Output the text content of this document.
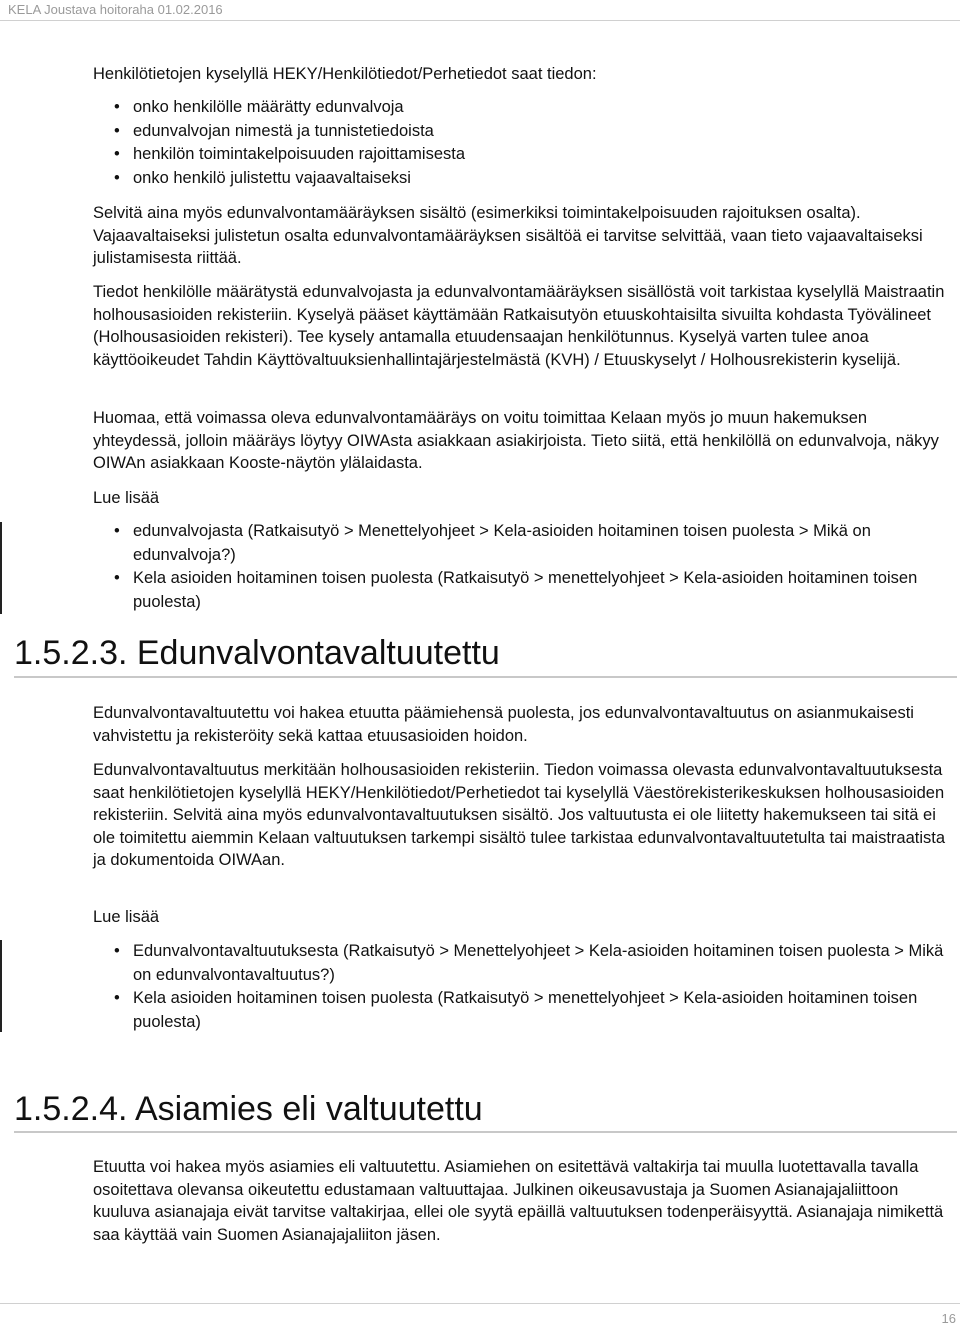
KELA Joustava hoitoraha 01.02.2016

Henkilötietojen kyselyllä HEKY/Henkilötiedot/Perhetiedot saat tiedon:

• onko henkilölle määrätty edunvalvoja
• edunvalvojan nimestä ja tunnistetiedoista
• henkilön toimintakelpoisuuden rajoittamisesta
• onko henkilö julistettu vajaavaltaiseksi

Selvitä aina myös edunvalvontamääräyksen sisältö (esimerkiksi toimintakelpoisuuden rajoituksen osalta). Vajaavaltaiseksi julistetun osalta edunvalvontamääräyksen sisältöä ei tarvitse selvittää, vaan tieto vajaavaltaiseksi julistamisesta riittää.

Tiedot henkilölle määrätystä edunvalvojasta ja edunvalvontamääräyksen sisällöstä voit tarkistaa kyselyllä Maistraatin holhousasioiden rekisteriin. Kyselyä pääset käyttämään Ratkaisutyön etuuskohtaisilta sivuilta kohdasta Työvälineet (Holhousasioiden rekisteri). Tee kysely antamalla etuudensaajan henkilötunnus. Kyselyä varten tulee anoa käyttöoikeudet Tahdin Käyttövaltuuksienhallintajärjestelmästä (KVH) / Etuuskyselyt / Holhousrekisterin kyselijä.

Huomaa, että voimassa oleva edunvalvontamääräys on voitu toimittaa Kelaan myös jo muun hakemuksen yhteydessä, jolloin määräys löytyy OIWAsta asiakkaan asiakirjoista. Tieto siitä, että henkilöllä on edunvalvoja, näkyy OIWAn asiakkaan Kooste-näytön ylälaidasta.

Lue lisää

• edunvalvojasta (Ratkaisutyö > Menettelyohjeet > Kela-asioiden hoitaminen toisen puolesta > Mikä on edunvalvoja?)
• Kela asioiden hoitaminen toisen puolesta (Ratkaisutyö > menettelyohjeet > Kela-asioiden hoitaminen toisen puolesta)
1.5.2.3. Edunvalvontavaltuutettu

Edunvalvontavaltuutettu voi hakea etuutta päämiehensä puolesta, jos edunvalvontavaltuutus on asianmukaisesti vahvistettu ja rekisteröity sekä kattaa etuusasioiden hoidon.

Edunvalvontavaltuutus merkitään holhousasioiden rekisteriin. Tiedon voimassa olevasta edunvalvontavaltuutuksesta saat henkilötietojen kyselyllä HEKY/Henkilötiedot/Perhetiedot tai kyselyllä Väestörekisterikeskuksen holhousasioiden rekisteriin. Selvitä aina myös edunvalvontavaltuutuksen sisältö. Jos valtuutusta ei ole liitetty hakemukseen tai sitä ei ole toimitettu aiemmin Kelaan valtuutuksen tarkempi sisältö tulee tarkistaa edunvalvontavaltuutetulta tai maistraatista ja dokumentoida OIWAan.

Lue lisää

• Edunvalvontavaltuutuksesta (Ratkaisutyö > Menettelyohjeet > Kela-asioiden hoitaminen toisen puolesta > Mikä on edunvalvontavaltuutus?)
• Kela asioiden hoitaminen toisen puolesta (Ratkaisutyö > menettelyohjeet > Kela-asioiden hoitaminen toisen puolesta)
1.5.2.4. Asiamies eli valtuutettu

Etuutta voi hakea myös asiamies eli valtuutettu. Asiamiehen on esitettävä valtakirja tai muulla luotettavalla tavalla osoitettava olevansa oikeutettu edustamaan valtuuttajaa. Julkinen oikeusavustaja ja Suomen Asianajajaliittoon kuuluva asianajaja eivät tarvitse valtakirjaa, ellei ole syytä epäillä valtuutuksen todenperäisyyttä. Asianajaja nimikettä saa käyttää vain Suomen Asianajajaliiton jäsen.

16
